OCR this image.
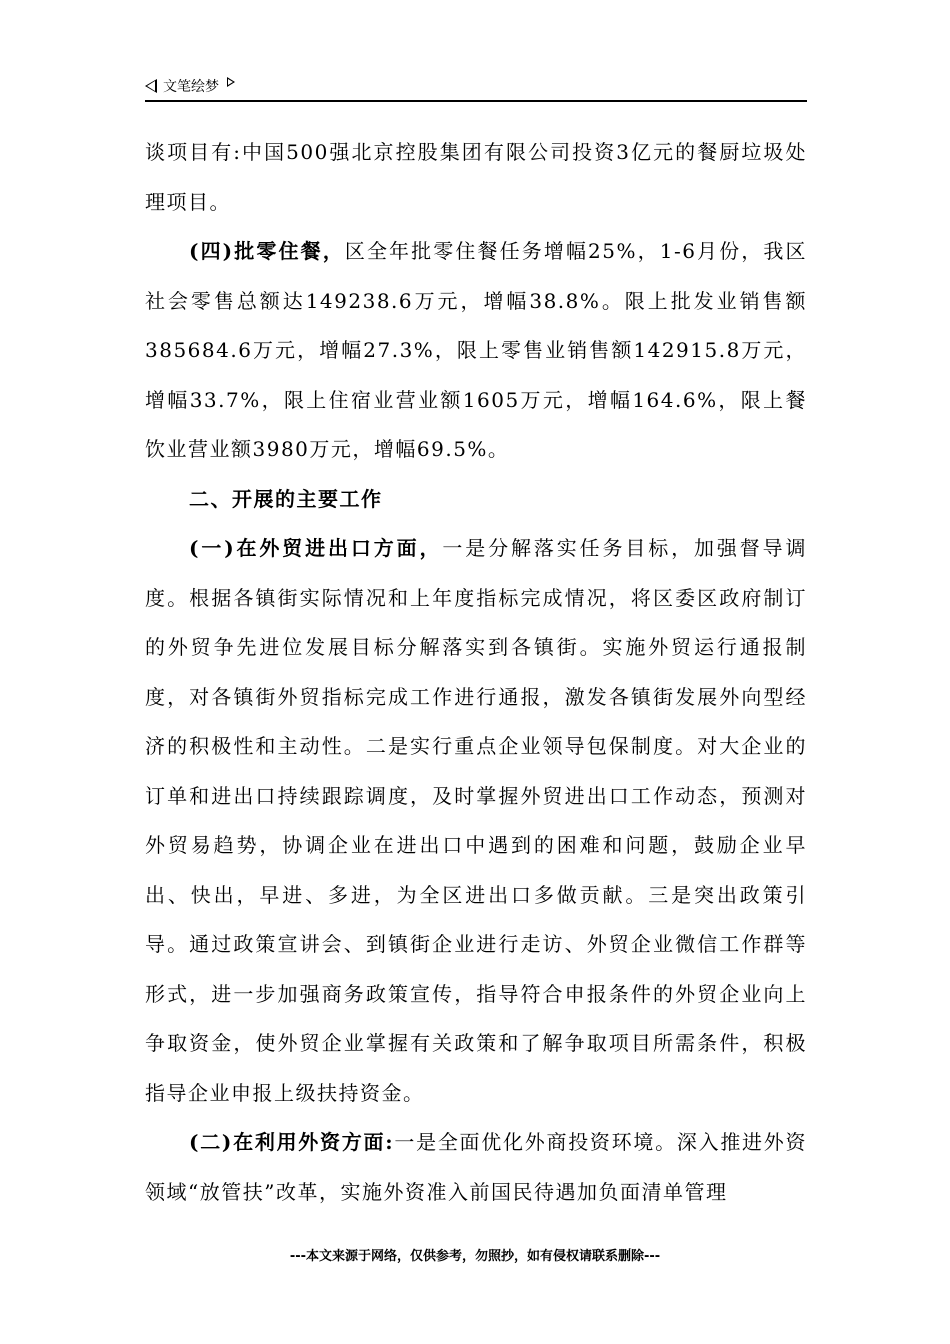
文笔绘梦

谈项目有:中国500强北京控股集团有限公司投资3亿元的餐厨垃圾处理项目。

(四)批零住餐，区全年批零住餐任务增幅25%，1-6月份，我区社会零售总额达149238.6万元，增幅38.8%。限上批发业销售额385684.6万元，增幅27.3%，限上零售业销售额142915.8万元，增幅33.7%，限上住宿业营业额1605万元，增幅164.6%，限上餐饮业营业额3980万元，增幅69.5%。

二、开展的主要工作

(一)在外贸进出口方面，一是分解落实任务目标，加强督导调度。根据各镇街实际情况和上年度指标完成情况，将区委区政府制订的外贸争先进位发展目标分解落实到各镇街。实施外贸运行通报制度，对各镇街外贸指标完成工作进行通报，激发各镇街发展外向型经济的积极性和主动性。二是实行重点企业领导包保制度。对大企业的订单和进出口持续跟踪调度，及时掌握外贸进出口工作动态，预测对外贸易趋势，协调企业在进出口中遇到的困难和问题，鼓励企业早出、快出，早进、多进，为全区进出口多做贡献。三是突出政策引导。通过政策宣讲会、到镇街企业进行走访、外贸企业微信工作群等形式，进一步加强商务政策宣传，指导符合申报条件的外贸企业向上争取资金，使外贸企业掌握有关政策和了解争取项目所需条件，积极指导企业申报上级扶持资金。

(二)在利用外资方面:一是全面优化外商投资环境。深入推进外资领域“放管扶”改革，实施外资准入前国民待遇加负面清单管理

---本文来源于网络，仅供参考，勿照抄，如有侵权请联系删除---
